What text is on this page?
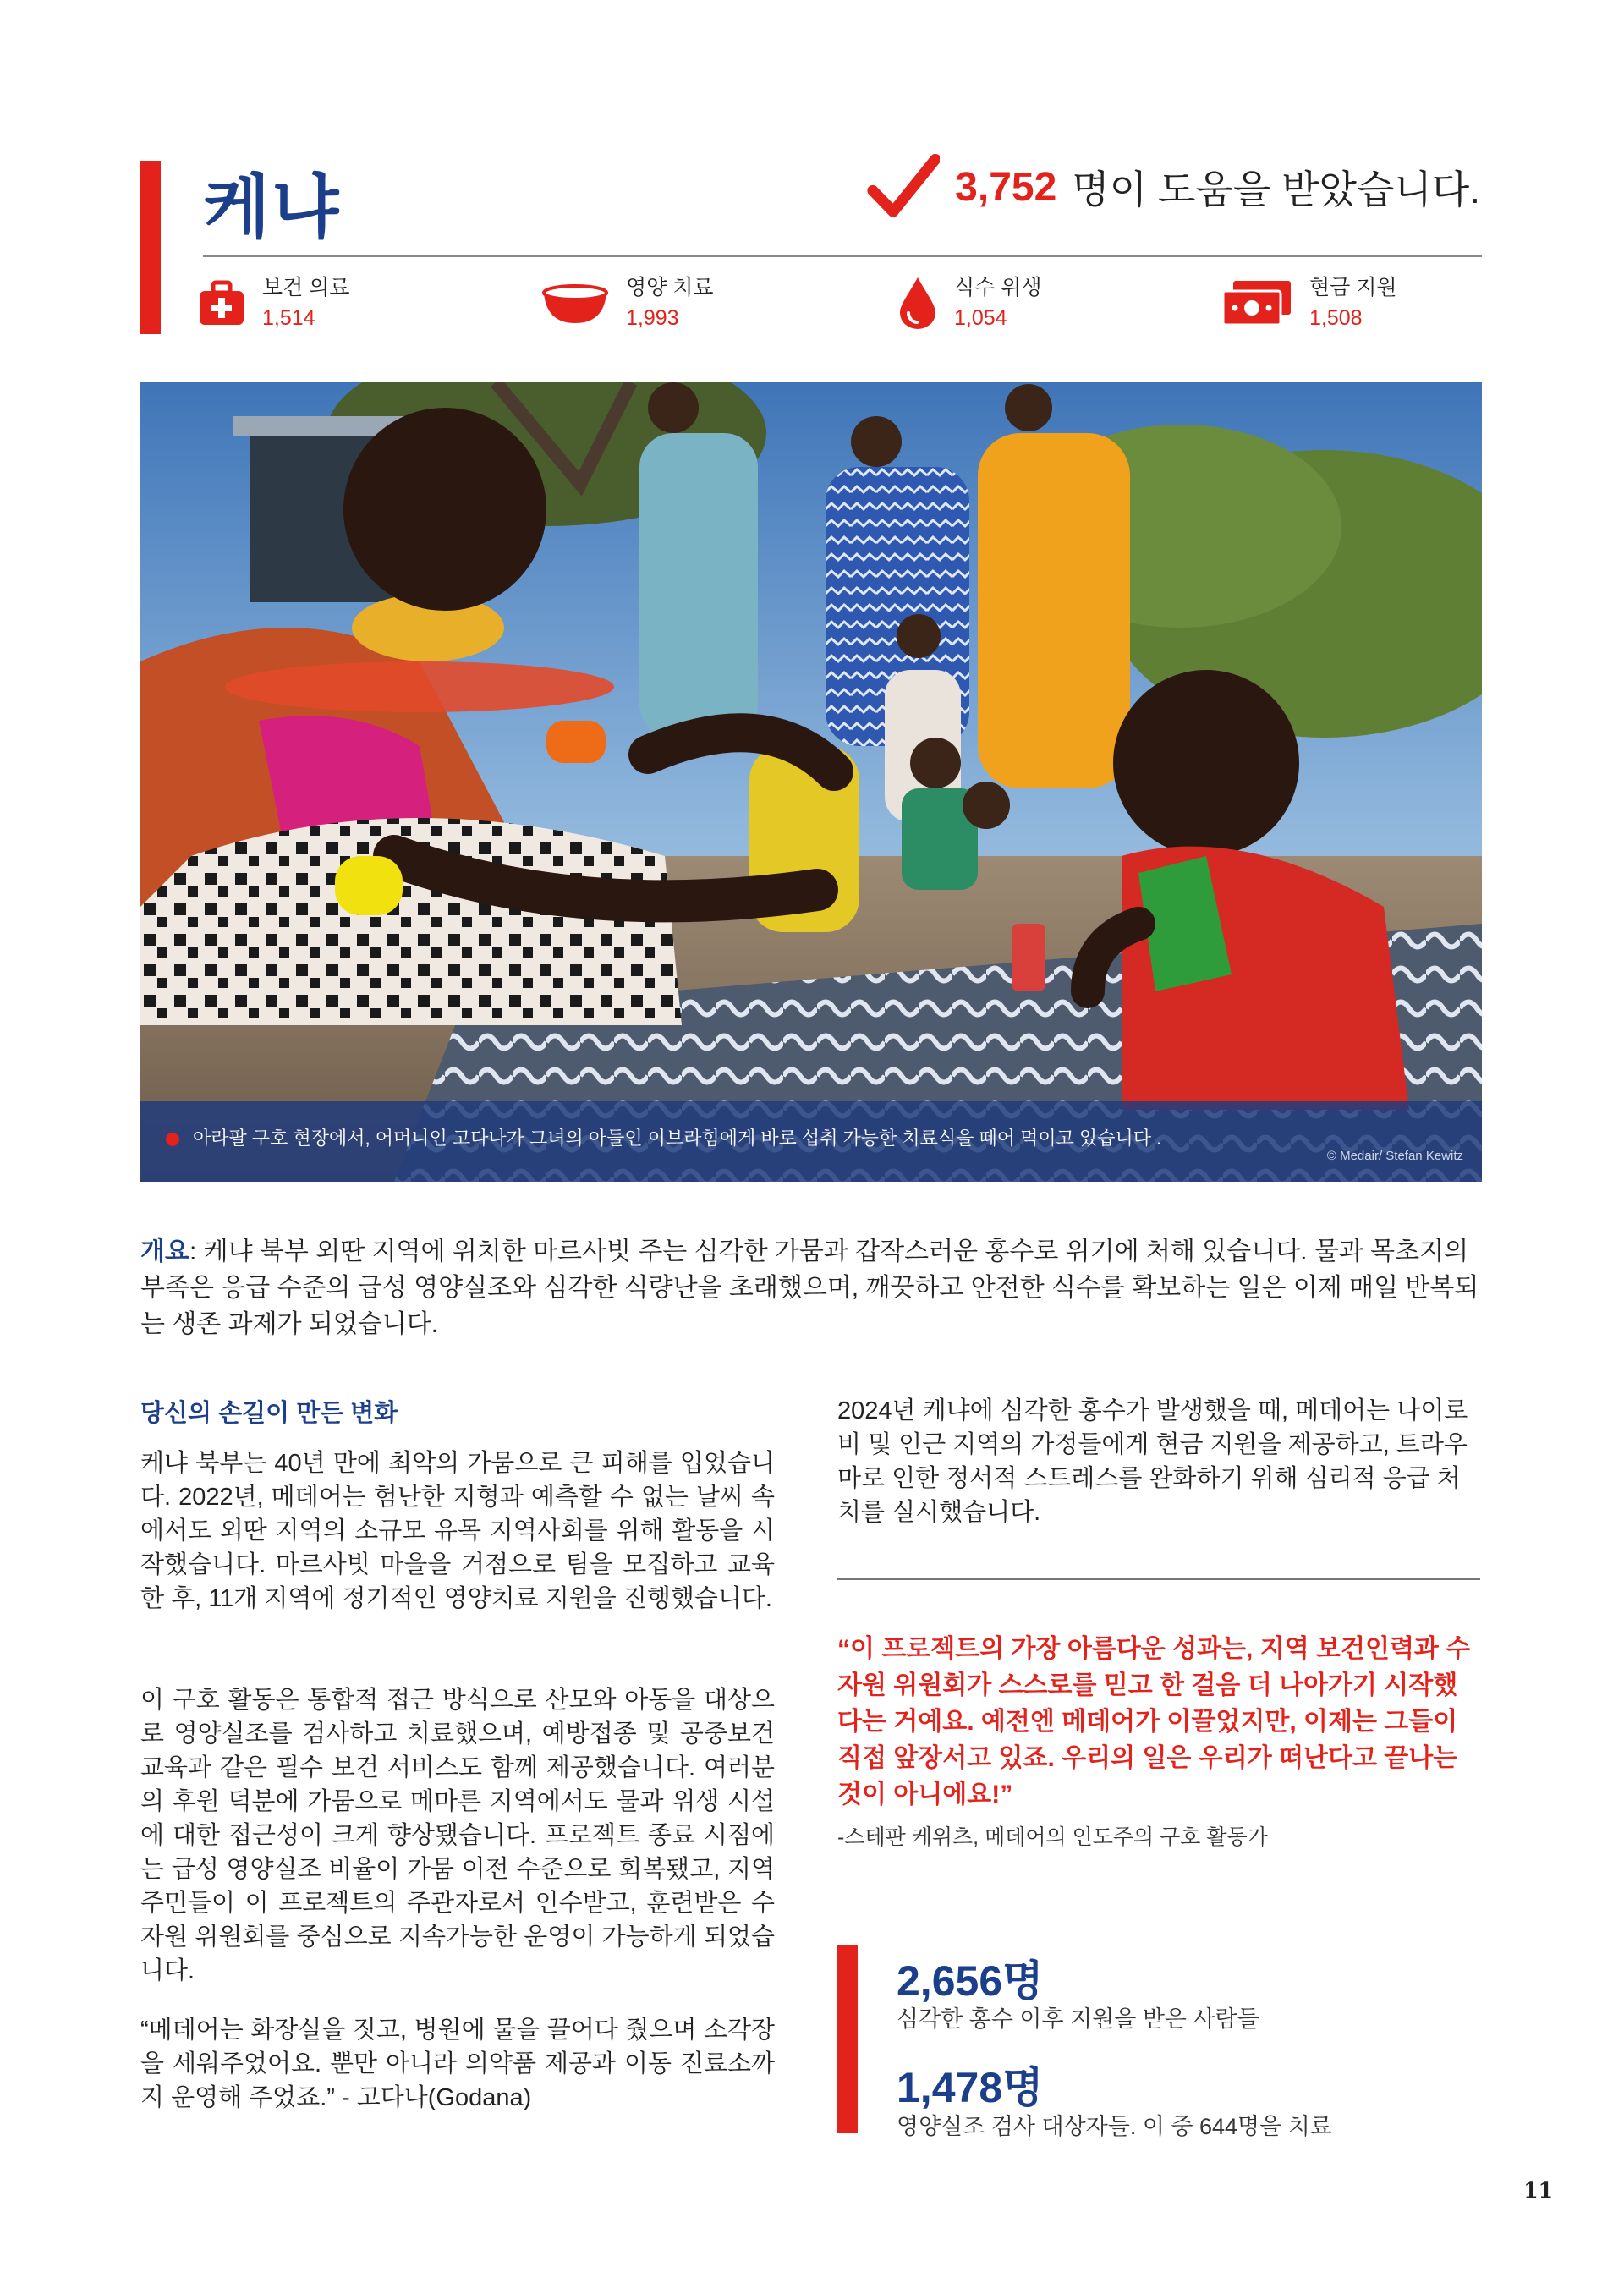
케냐	3,752 명이 도움을 받았습니다.
보건 의료
1,514
영양 치료
1,993
식수 위생
1,054
현금 지원
1,508
아라팔 구호 현장에서, 어머니인 고다나가 그녀의 아들인 이브라힘에게 바로 섭취 가능한 치료식을 떼어 먹이고 있습니다 .
© Medair/ Stefan Kewitz
개요: 케냐 북부 외딴 지역에 위치한 마르사빗 주는 심각한 가뭄과 갑작스러운 홍수로 위기에 처해 있습니다. 물과 목초지의 부족은 응급 수준의 급성 영양실조와 심각한 식량난을 초래했으며, 깨끗하고 안전한 식수를 확보하는 일은 이제 매일 반복되는 생존 과제가 되었습니다.
당신의 손길이 만든 변화

케냐 북부는 40년 만에 최악의 가뭄으로 큰 피해를 입었습니다. 2022년, 메데어는 험난한 지형과 예측할 수 없는 날씨 속에서도 외딴 지역의 소규모 유목 지역사회를 위해 활동을 시작했습니다. 마르사빗 마을을 거점으로 팀을 모집하고 교육한 후, 11개 지역에 정기적인 영양치료 지원을 진행했습니다.

이 구호 활동은 통합적 접근 방식으로 산모와 아동을 대상으로 영양실조를 검사하고 치료했으며, 예방접종 및 공중보건 교육과 같은 필수 보건 서비스도 함께 제공했습니다. 여러분의 후원 덕분에 가뭄으로 메마른 지역에서도 물과 위생 시설에 대한 접근성이 크게 향상됐습니다. 프로젝트 종료 시점에는 급성 영양실조 비율이 가뭄 이전 수준으로 회복됐고, 지역 주민들이 이 프로젝트의 주관자로서 인수받고, 훈련받은 수자원 위원회를 중심으로 지속가능한 운영이 가능하게 되었습니다.

“메데어는 화장실을 짓고, 병원에 물을 끌어다 줬으며 소각장을 세워주었어요. 뿐만 아니라 의약품 제공과 이동 진료소까지 운영해 주었죠.” - 고다나(Godana)

2024년 케냐에 심각한 홍수가 발생했을 때, 메데어는 나이로비 및 인근 지역의 가정들에게 현금 지원을 제공하고, 트라우마로 인한 정서적 스트레스를 완화하기 위해 심리적 응급 처치를 실시했습니다.
“이 프로젝트의 가장 아름다운 성과는, 지역 보건인력과 수자원 위원회가 스스로를 믿고 한 걸음 더 나아가기 시작했다는 거예요. 예전엔 메데어가 이끌었지만, 이제는 그들이 직접 앞장서고 있죠. 우리의 일은 우리가 떠난다고 끝나는 것이 아니에요!”
-스테판 케위츠, 메데어의 인도주의 구호 활동가
2,656명
심각한 홍수 이후 지원을 받은 사람들
1,478명
영양실조 검사 대상자들. 이 중 644명을 치료
11
